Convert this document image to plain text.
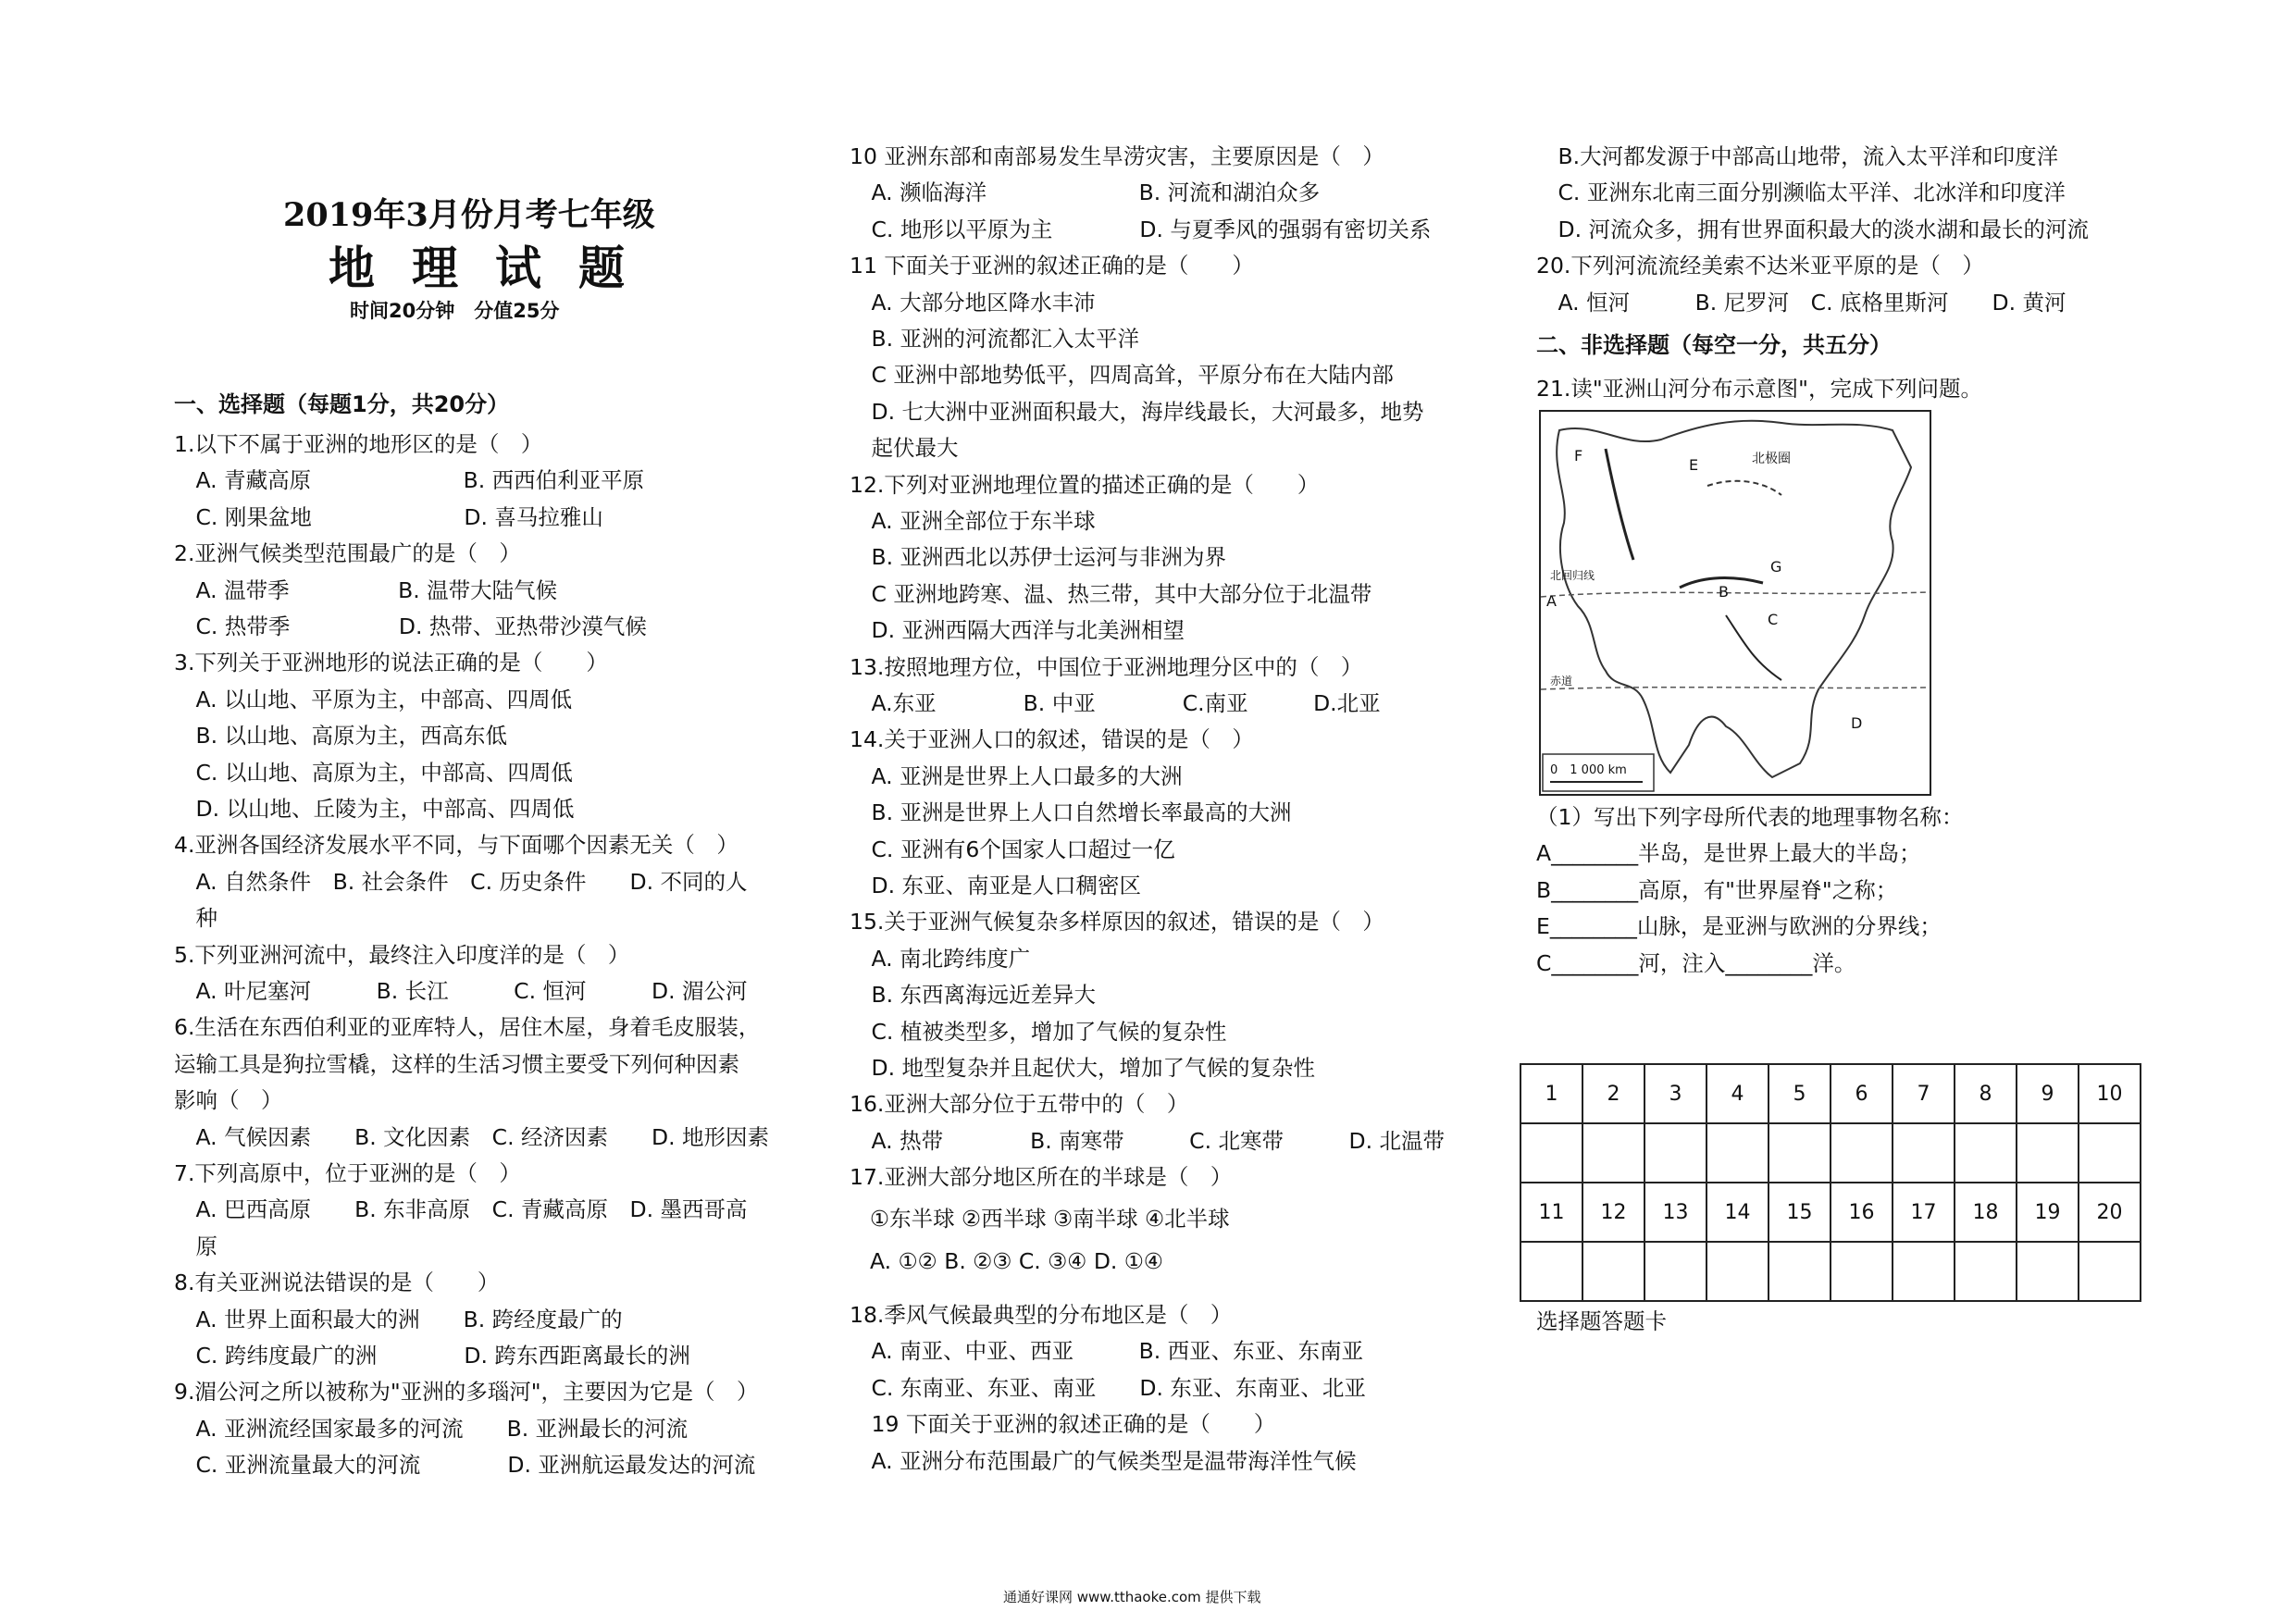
2019年3月份月考七年级
地理试题
时间20分钟　分值25分
一、选择题（每题1分，共20分）
1.以下不属于亚洲的地形区的是（　）
　A. 青藏高原　　　　　　　B. 西西伯利亚平原
　C. 刚果盆地　　　　　　　D. 喜马拉雅山
2.亚洲气候类型范围最广的是（　）
　A. 温带季　　　　　B. 温带大陆气候
　C. 热带季　　　　　D. 热带、亚热带沙漠气候
3.下列关于亚洲地形的说法正确的是（　　）
　A. 以山地、平原为主，中部高、四周低
　B. 以山地、高原为主，西高东低
　C. 以山地、高原为主，中部高、四周低
　D. 以山地、丘陵为主，中部高、四周低
4.亚洲各国经济发展水平不同，与下面哪个因素无关（　）
　A. 自然条件　B. 社会条件　C. 历史条件　　D. 不同的人
　种
5.下列亚洲河流中，最终注入印度洋的是（　）
　A. 叶尼塞河　　　B. 长江　　　C. 恒河　　　D. 湄公河
6.生活在东西伯利亚的亚库特人，居住木屋，身着毛皮服装，
运输工具是狗拉雪橇，这样的生活习惯主要受下列何种因素
影响（　）
　A. 气候因素　　B. 文化因素　C. 经济因素　　D. 地形因素
7.下列高原中，位于亚洲的是（　）
　A. 巴西高原　　B. 东非高原　C. 青藏高原　D. 墨西哥高
　原
8.有关亚洲说法错误的是（　　）
　A. 世界上面积最大的洲　　B. 跨经度最广的
　C. 跨纬度最广的洲　　　　D. 跨东西距离最长的洲
9.湄公河之所以被称为"亚洲的多瑙河"，主要因为它是（　）
　A. 亚洲流经国家最多的河流　　B. 亚洲最长的河流
　C. 亚洲流量最大的河流　　　　D. 亚洲航运最发达的河流
10 亚洲东部和南部易发生旱涝灾害，主要原因是（　）
　A. 濒临海洋　　　　　　　B. 河流和湖泊众多
　C. 地形以平原为主　　　　D. 与夏季风的强弱有密切关系
11 下面关于亚洲的叙述正确的是（　　）
　A. 大部分地区降水丰沛
　B. 亚洲的河流都汇入太平洋
　C 亚洲中部地势低平，四周高耸，平原分布在大陆内部
　D. 七大洲中亚洲面积最大，海岸线最长，大河最多，地势
　起伏最大
12.下列对亚洲地理位置的描述正确的是（　　）
　A. 亚洲全部位于东半球
　B. 亚洲西北以苏伊士运河与非洲为界
　C 亚洲地跨寒、温、热三带，其中大部分位于北温带
　D. 亚洲西隔大西洋与北美洲相望
13.按照地理方位，中国位于亚洲地理分区中的（　）
　A.东亚　　　　B. 中亚　　　　C.南亚　　　D.北亚
14.关于亚洲人口的叙述，错误的是（　）
　A. 亚洲是世界上人口最多的大洲
　B. 亚洲是世界上人口自然增长率最高的大洲
　C. 亚洲有6个国家人口超过一亿
　D. 东亚、南亚是人口稠密区
15.关于亚洲气候复杂多样原因的叙述，错误的是（　）
　A. 南北跨纬度广
　B. 东西离海远近差异大
　C. 植被类型多，增加了气候的复杂性
　D. 地型复杂并且起伏大，增加了气候的复杂性
16.亚洲大部分位于五带中的（　）
　A. 热带　　　　B. 南寒带　　　C. 北寒带　　　D. 北温带
17.亚洲大部分地区所在的半球是（　）
①东半球 ②西半球 ③南半球 ④北半球
A. ①② B. ②③ C. ③④ D. ①④
18.季风气候最典型的分布地区是（　）
　A. 南亚、中亚、西亚　　　B. 西亚、东亚、东南亚
　C. 东南亚、东亚、南亚　　D. 东亚、东南亚、北亚
　19 下面关于亚洲的叙述正确的是（　　）
　A. 亚洲分布范围最广的气候类型是温带海洋性气候
　B.大河都发源于中部高山地带，流入太平洋和印度洋
　C. 亚洲东北南三面分别濒临太平洋、北冰洋和印度洋
　D. 河流众多，拥有世界面积最大的淡水湖和最长的河流
20.下列河流流经美索不达米亚平原的是（　）
　A. 恒河　　　B. 尼罗河　C. 底格里斯河　　D. 黄河
二、非选择题（每空一分，共五分）
21.读"亚洲山河分布示意图"，完成下列问题。
F
E	北极圈
G
B
C
A
D
北回归线
赤道
0　1 000 km
（1）写出下列字母所代表的地理事物名称：
A________半岛，是世界上最大的半岛；
B________高原，有"世界屋脊"之称；
E________山脉，是亚洲与欧洲的分界线；
C________河，注入________洋。
1	2	3	4	5	6	7	8	9	10

11	12	13	14	15	16	17	18	19	20

选择题答题卡
通通好课网 www.tthaoke.com 提供下载
